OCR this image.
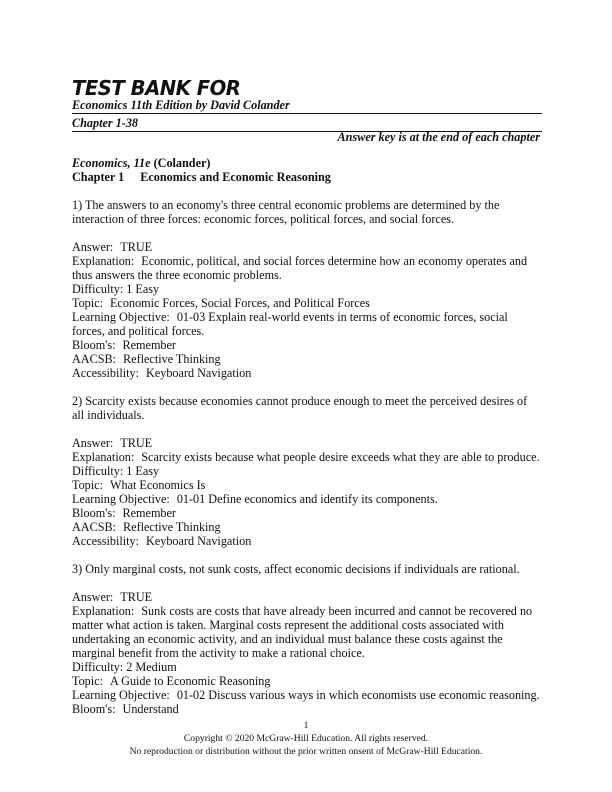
TEST BANK FOR
Economics 11th Edition by David Colander
Chapter 1-38
Answer key is at the end of each chapter
Economics, 11e (Colander)
Chapter 1 Economics and Economic Reasoning

1) The answers to an economy's three central economic problems are determined by the interaction of three forces: economic forces, political forces, and social forces.

Answer: TRUE

Explanation: Economic, political, and social forces determine how an economy operates and thus answers the three economic problems.

Difficulty: 1 Easy

Topic: Economic Forces, Social Forces, and Political Forces

Learning Objective: 01-03 Explain real-world events in terms of economic forces, social forces, and political forces.

Bloom's: Remember

AACSB: Reflective Thinking

Accessibility: Keyboard Navigation

2) Scarcity exists because economies cannot produce enough to meet the perceived desires of all individuals.

Answer: TRUE

Explanation: Scarcity exists because what people desire exceeds what they are able to produce.

Difficulty: 1 Easy

Topic: What Economics Is

Learning Objective: 01-01 Define economics and identify its components.

Bloom's: Remember

AACSB: Reflective Thinking

Accessibility: Keyboard Navigation

3) Only marginal costs, not sunk costs, affect economic decisions if individuals are rational.

Answer: TRUE

Explanation: Sunk costs are costs that have already been incurred and cannot be recovered no matter what action is taken. Marginal costs represent the additional costs associated with undertaking an economic activity, and an individual must balance these costs against the marginal benefit from the activity to make a rational choice.

Difficulty: 2 Medium

Topic: A Guide to Economic Reasoning

Learning Objective: 01-02 Discuss various ways in which economists use economic reasoning.

Bloom's: Understand

1
Copyright © 2020 McGraw-Hill Education. All rights reserved.
No reproduction or distribution without the prior written onsent of McGraw-Hill Education.
